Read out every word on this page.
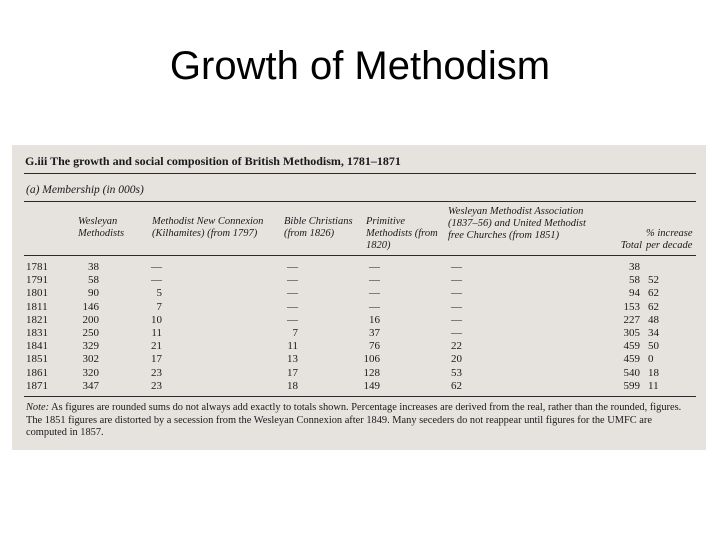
Growth of Methodism
G.iii The growth and social composition of British Methodism, 1781–1871
(a) Membership (in 000s)
Wesleyan Methodists
Methodist New Connexion (Kilhamites) (from 1797)
Bible Christians (from 1826)
Primitive Methodists (from 1820)
Wesleyan Methodist Association (1837–56) and United Methodist free Churches (from 1851)
Total
% increase per decade
1781	38	—	—	—	—	38
1791	58	—	—	—	—	58 52
1801	90	5	—	—	—	94 62
1811	146	7	—	—	—	153 62
1821	200	10	—	16	—	227 48
1831	250	11	7	37	—	305 34
1841	329	21	11	76	22	459 50
1851	302	17	13	106	20	459 0
1861	320	23	17	128	53	540 18
1871	347	23	18	149	62	599 11
Note: As figures are rounded sums do not always add exactly to totals shown. Percentage increases are derived from the real, rather than the rounded, figures. The 1851 figures are distorted by a secession from the Wesleyan Connexion after 1849. Many seceders do not reappear until figures for the UMFC are computed in 1857.
